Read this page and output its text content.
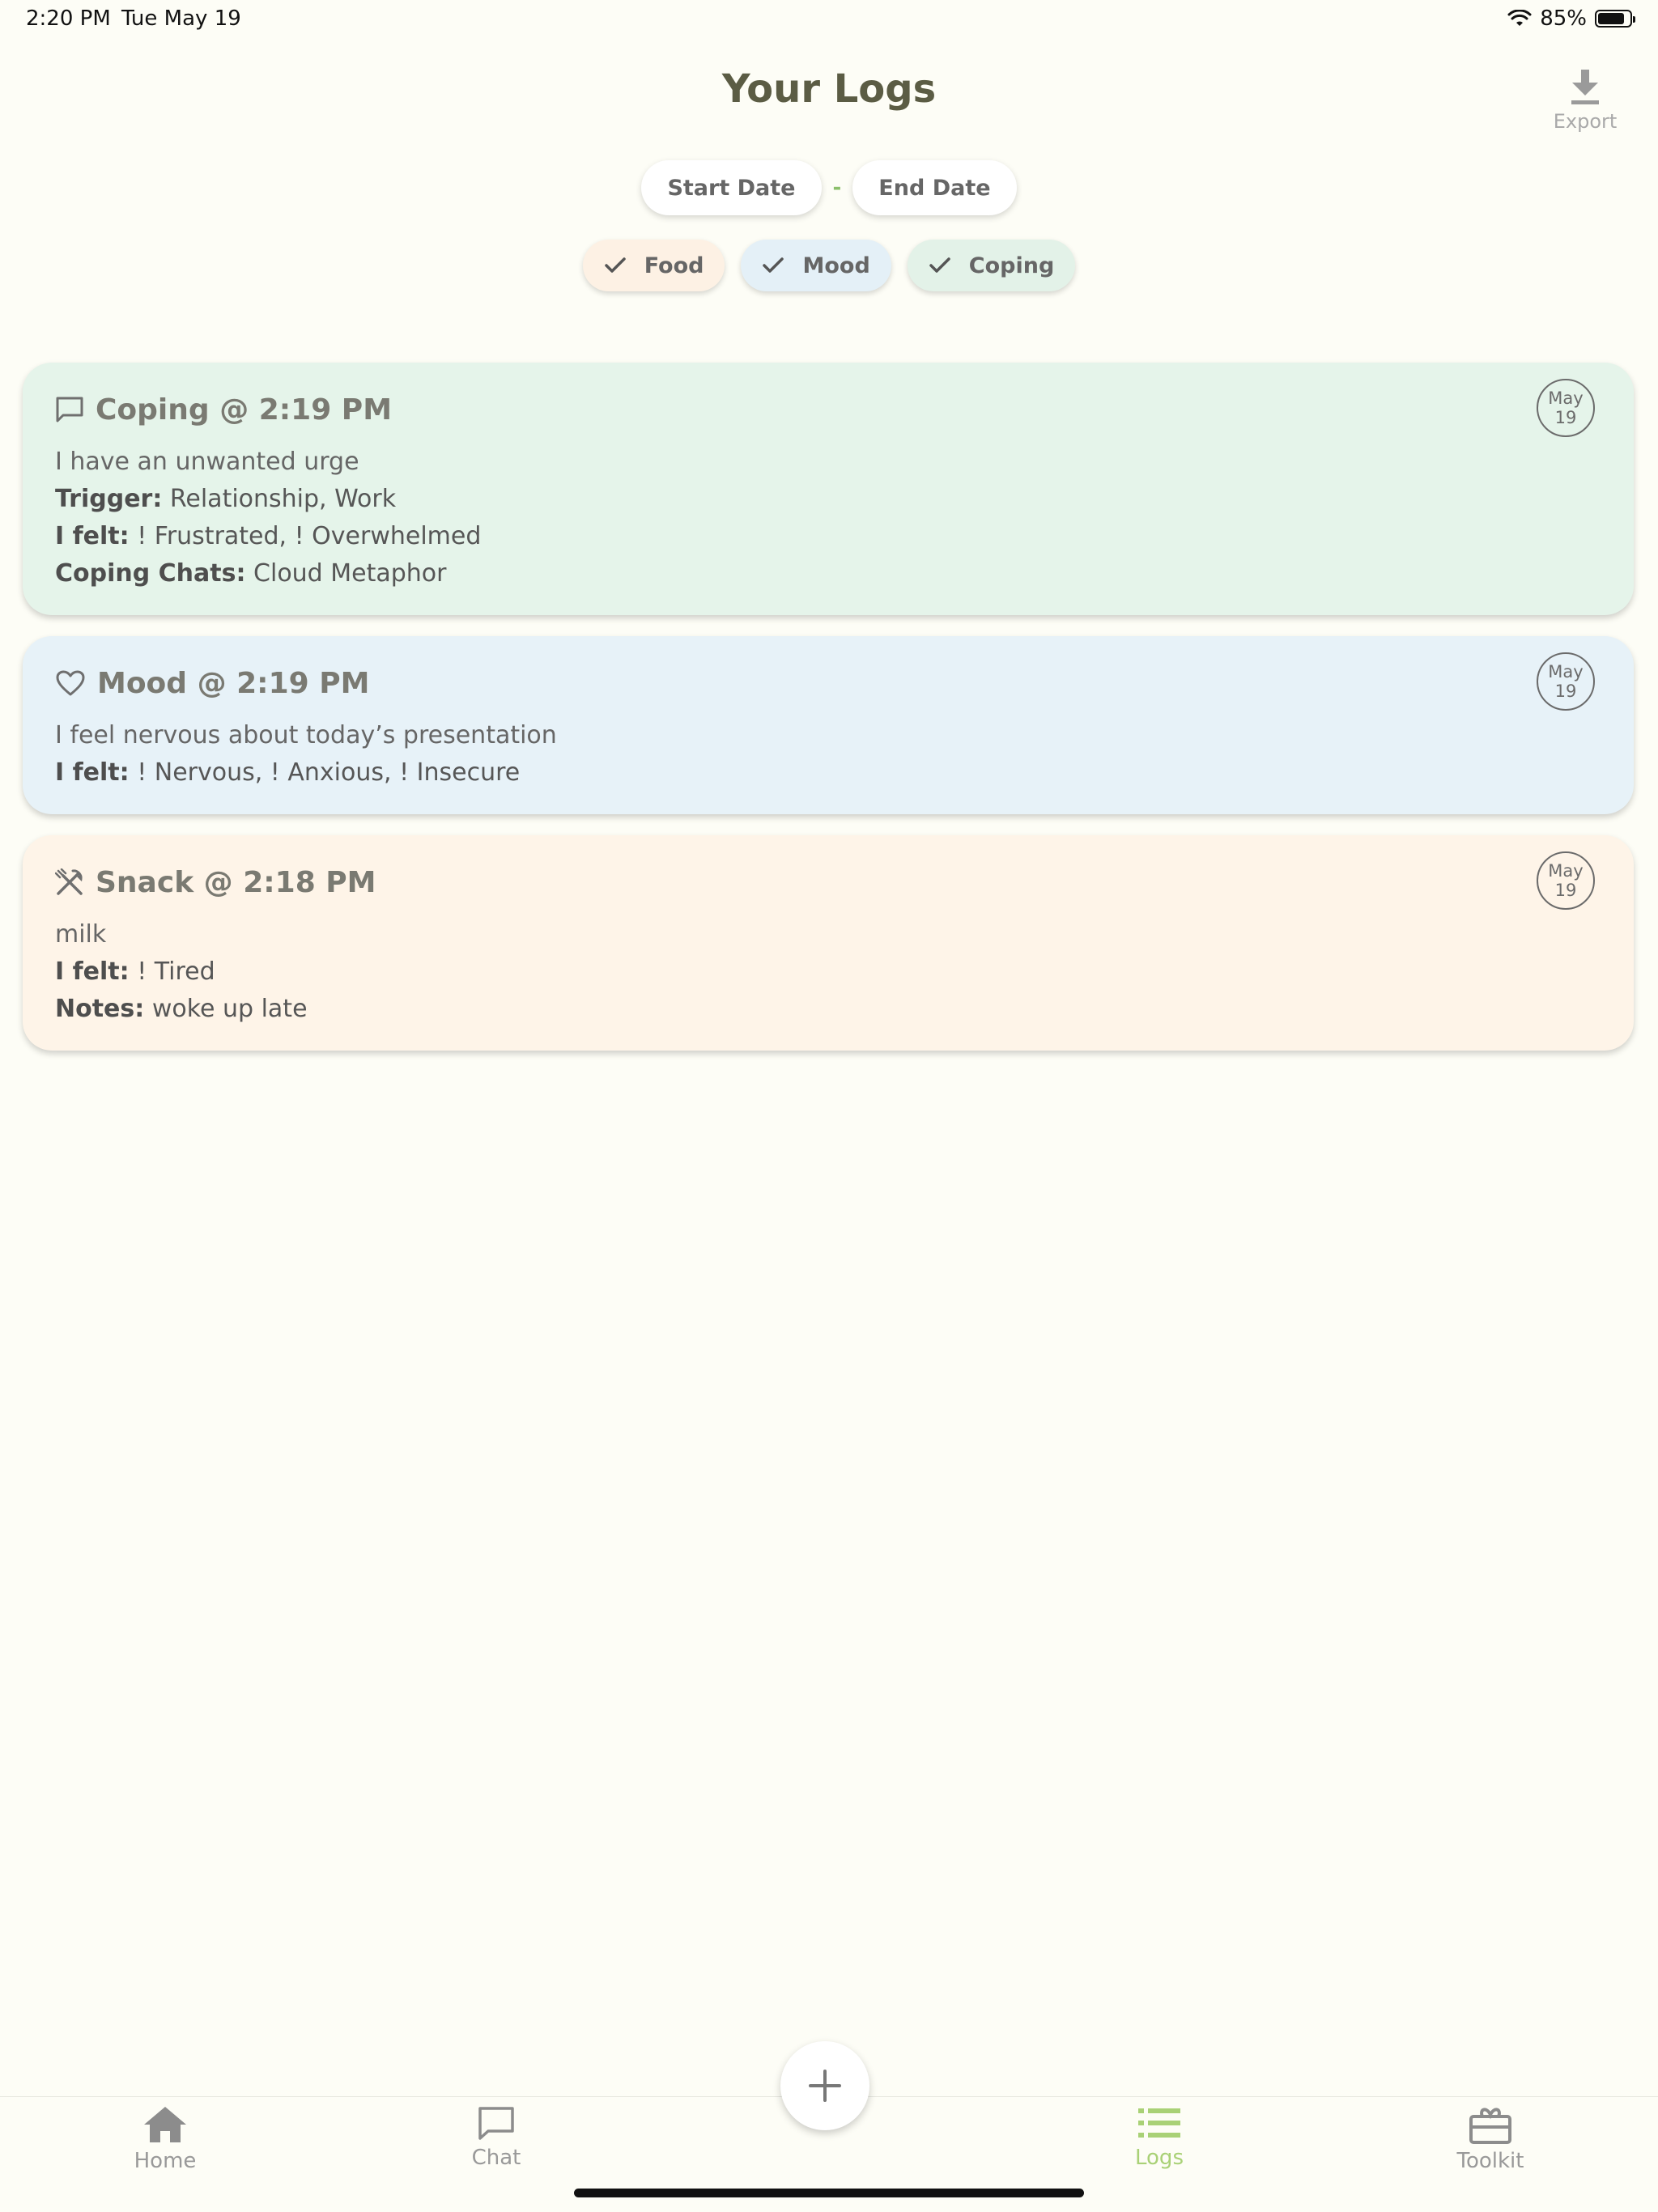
2:20 PM Tue May 19	85%
Your Logs
Export
Start Date	-	End Date
Food	Mood	Coping
Coping @ 2:19 PM	May
19
I have an unwanted urge
Trigger: Relationship, Work
I felt: ! Frustrated, ! Overwhelmed
Coping Chats: Cloud Metaphor
Mood @ 2:19 PM	May
19
I feel nervous about today’s presentation
I felt: ! Nervous, ! Anxious, ! Insecure
Snack @ 2:18 PM	May
19
milk
I felt: ! Tired
Notes: woke up late
Home	Chat	Logs	Toolkit
